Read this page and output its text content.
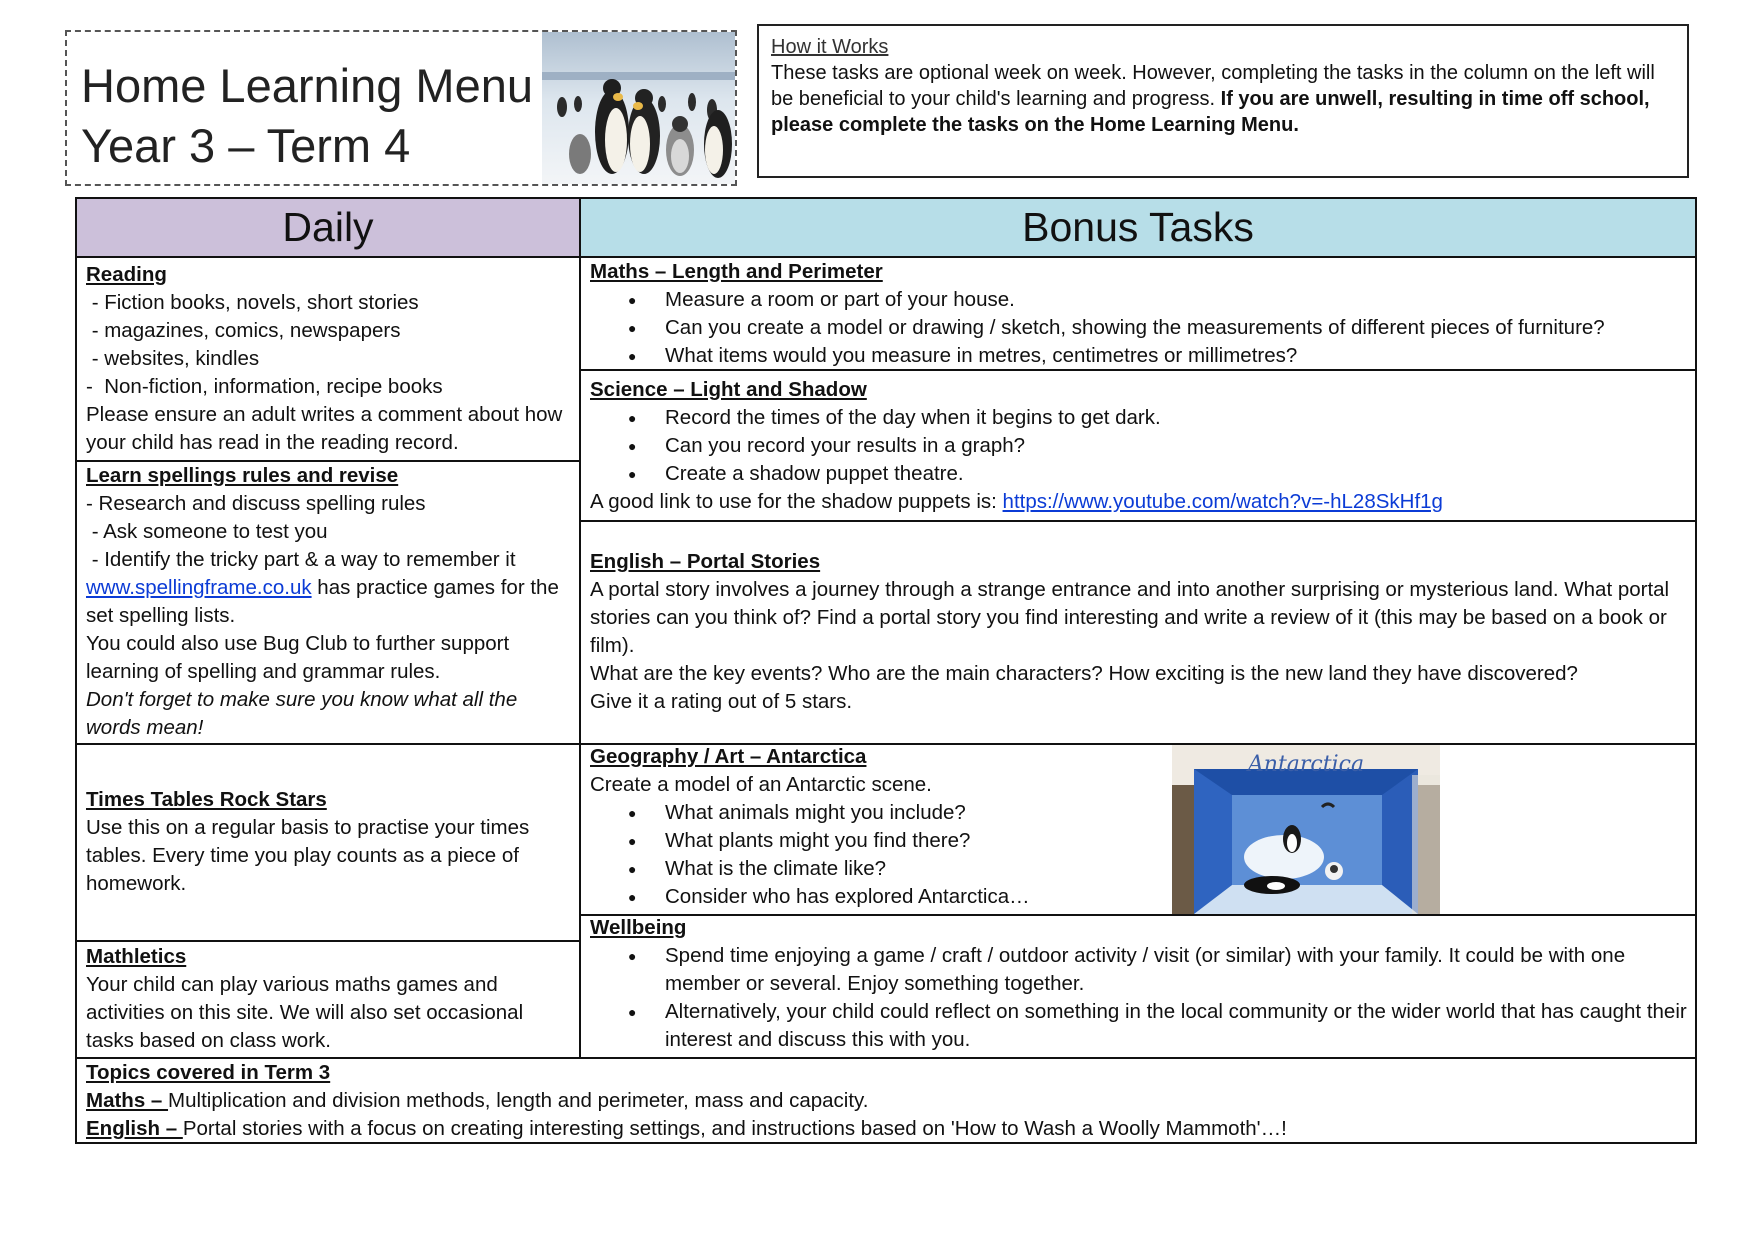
Home Learning Menu
Year 3 – Term 4
How it Works
These tasks are optional week on week. However, completing the tasks in the column on the left will be beneficial to your child's learning and progress. If you are unwell, resulting in time off school, please complete the tasks on the Home Learning Menu.
Daily	Bonus Tasks
Reading
- Fiction books, novels, short stories
- magazines, comics, newspapers
- websites, kindles
-  Non-fiction, information, recipe books
Please ensure an adult writes a comment about how your child has read in the reading record.
Learn spellings rules and revise
- Research and discuss spelling rules
- Ask someone to test you
- Identify the tricky part & a way to remember it
www.spellingframe.co.uk has practice games for the set spelling lists.
You could also use Bug Club to further support learning of spelling and grammar rules.
Don't forget to make sure you know what all the words mean!
Times Tables Rock Stars
Use this on a regular basis to practise your times tables. Every time you play counts as a piece of homework.
Mathletics
Your child can play various maths games and activities on this site. We will also set occasional tasks based on class work.
Maths – Length and Perimeter
● Measure a room or part of your house.
● Can you create a model or drawing / sketch, showing the measurements of different pieces of furniture?
● What items would you measure in metres, centimetres or millimetres?
Science – Light and Shadow
● Record the times of the day when it begins to get dark.
● Can you record your results in a graph?
● Create a shadow puppet theatre.
A good link to use for the shadow puppets is: https://www.youtube.com/watch?v=-hL28SkHf1g
English – Portal Stories
A portal story involves a journey through a strange entrance and into another surprising or mysterious land. What portal stories can you think of? Find a portal story you find interesting and write a review of it (this may be based on a book or film).
What are the key events? Who are the main characters? How exciting is the new land they have discovered?
Give it a rating out of 5 stars.
Geography / Art – Antarctica
Create a model of an Antarctic scene.
● What animals might you include?
● What plants might you find there?
● What is the climate like?
● Consider who has explored Antarctica…
Antarctica
Wellbeing
● Spend time enjoying a game / craft / outdoor activity / visit (or similar) with your family. It could be with one member or several. Enjoy something together.
● Alternatively, your child could reflect on something in the local community or the wider world that has caught their interest and discuss this with you.
Topics covered in Term 3
Maths – Multiplication and division methods, length and perimeter, mass and capacity.
English – Portal stories with a focus on creating interesting settings, and instructions based on 'How to Wash a Woolly Mammoth'…!
